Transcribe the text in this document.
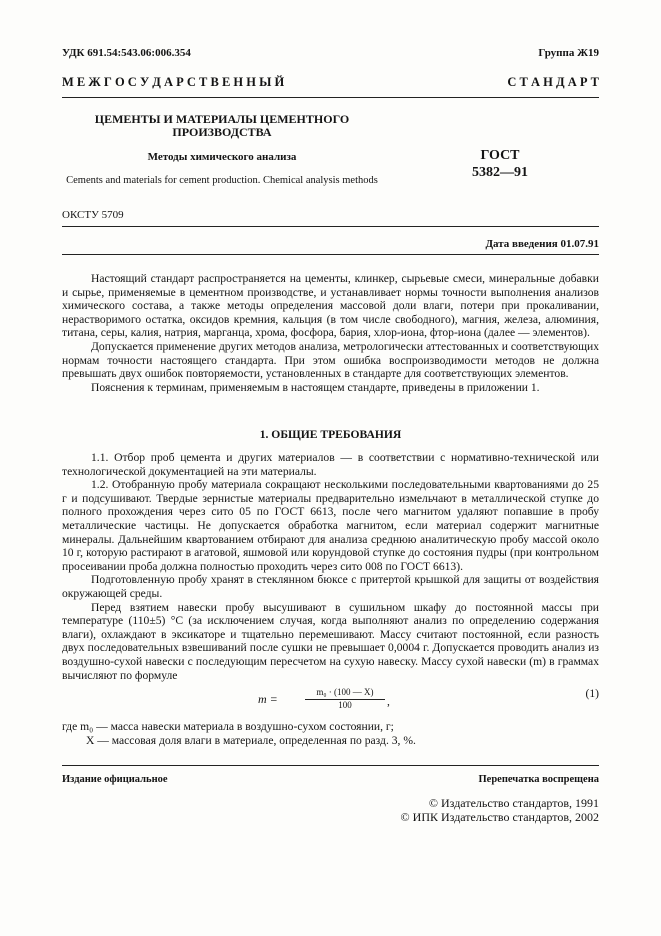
УДК 691.54:543.06:006.354	Группа Ж19
М Е Ж Г О С У Д А Р С Т В Е Н Н Ы Й	С Т А Н Д А Р Т
ЦЕМЕНТЫ И МАТЕРИАЛЫ ЦЕМЕНТНОГО ПРОИЗВОДСТВА
Методы химического анализа
Cements and materials for cement production. Chemical analysis methods
ГОСТ
5382—91
ОКСТУ 5709
Дата введения 01.07.91

Настоящий стандарт распространяется на цементы, клинкер, сырьевые смеси, минеральные добавки и сырье, применяемые в цементном производстве, и устанавливает нормы точности выполнения анализов химического состава, а также методы определения массовой доли влаги, потери при прокаливании, нерастворимого остатка, оксидов кремния, кальция (в том числе свободного), магния, железа, алюминия, титана, серы, калия, натрия, марганца, хрома, фосфора, бария, хлор-иона, фтор-иона (далее — элементов).

Допускается применение других методов анализа, метрологически аттестованных и соответствующих нормам точности настоящего стандарта. При этом ошибка воспроизводимости методов не должна превышать двух ошибок повторяемости, установленных в стандарте для соответствующих элементов.

Пояснения к терминам, применяемым в настоящем стандарте, приведены в приложении 1.

1. ОБЩИЕ ТРЕБОВАНИЯ

1.1. Отбор проб цемента и других материалов — в соответствии с нормативно-технической или технологической документацией на эти материалы.

1.2. Отобранную пробу материала сокращают несколькими последовательными квартованиями до 25 г и подсушивают. Твердые зернистые материалы предварительно измельчают в металлической ступке до полного прохождения через сито 05 по ГОСТ 6613, после чего магнитом удаляют попавшие в пробу металлические частицы. Не допускается обработка магнитом, если материал содержит магнитные минералы. Дальнейшим квартованием отбирают для анализа среднюю аналитическую пробу массой около 10 г, которую растирают в агатовой, яшмовой или корундовой ступке до состояния пудры (при контрольном просеивании проба должна полностью проходить через сито 008 по ГОСТ 6613).

Подготовленную пробу хранят в стеклянном бюксе с притертой крышкой для защиты от воздействия окружающей среды.

Перед взятием навески пробу высушивают в сушильном шкафу до постоянной массы при температуре (110±5) °С (за исключением случая, когда выполняют анализ по определению содержания влаги), охлаждают в эксикаторе и тщательно перемешивают. Массу считают постоянной, если разность двух последовательных взвешиваний после сушки не превышает 0,0004 г. Допускается проводить анализ из воздушно-сухой навески с последующим пересчетом на сухую навеску. Массу сухой навески (m) в граммах вычисляют по формуле

m =	$\frac{\text{m₀ · (100 — X)}}{100}$ ,
(1)
где m₀ — масса навески материала в воздушно-сухом состоянии, г;
X — массовая доля влаги в материале, определенная по разд. 3, %.
Издание официальное	Перепечатка воспрещена
© Издательство стандартов, 1991
© ИПК Издательство стандартов, 2002
